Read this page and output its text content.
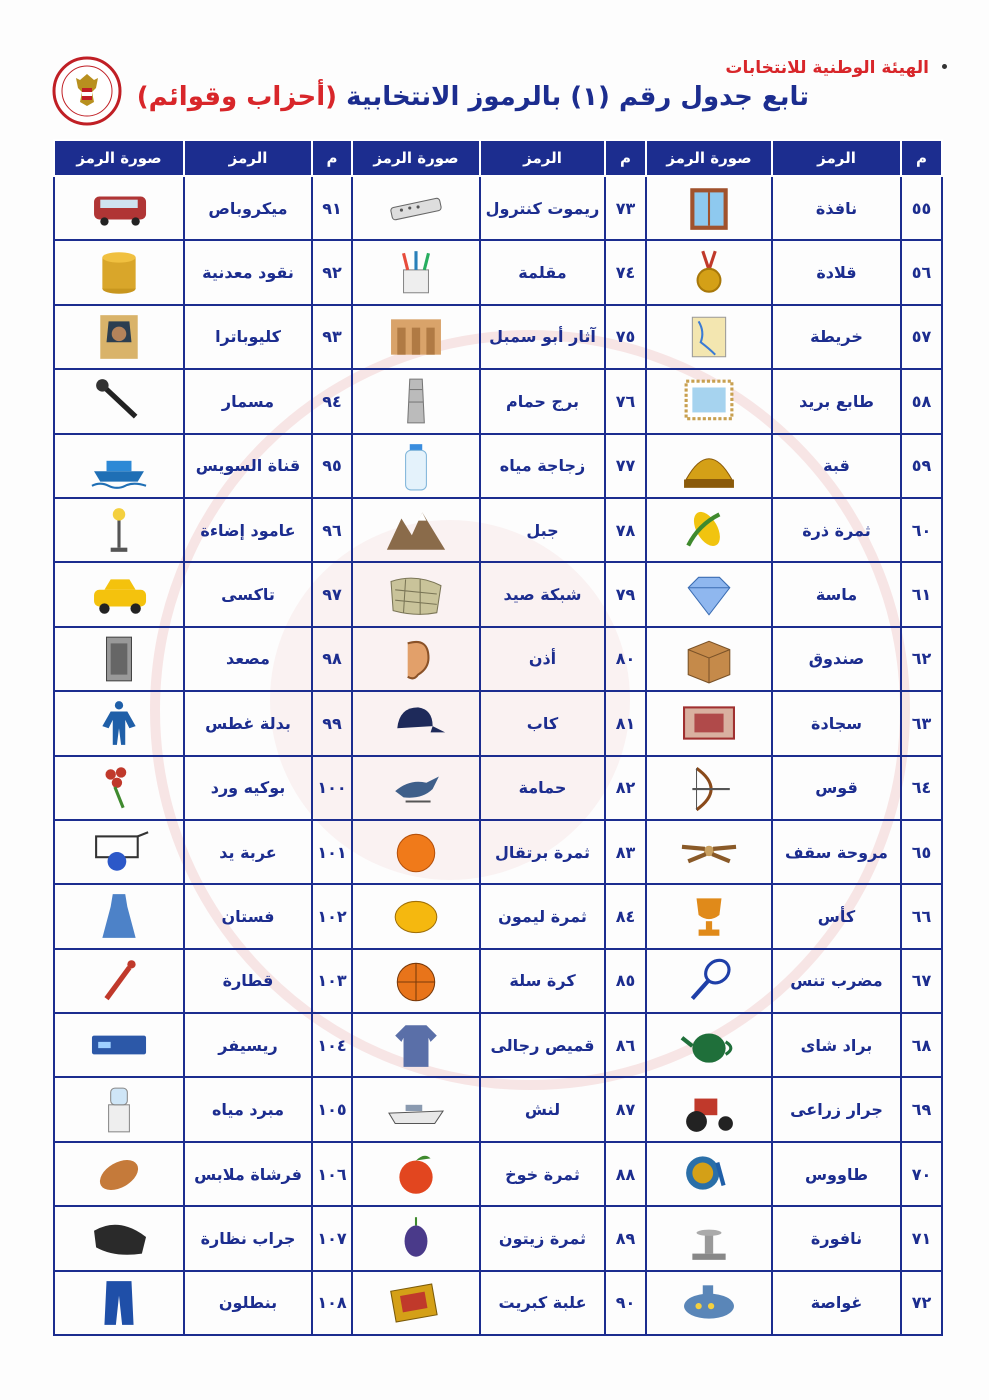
الهيئة الوطنية للانتخابات
تابع جدول رقم (١) بالرموز الانتخابية (أحزاب وقوائم)
م	الرمز	صورة الرمز	م	الرمز	صورة الرمز	م	الرمز	صورة الرمز
٥٥	نافذة		٧٣	ريموت كنترول		٩١	ميكروباص	

٥٦	قلادة		٧٤	مقلمة		٩٢	نقود معدنية	

٥٧	خريطة		٧٥	آثار أبو سمبل		٩٣	كليوباترا	

٥٨	طابع بريد		٧٦	برج حمام		٩٤	مسمار	

٥٩	قبة		٧٧	زجاجة مياه		٩٥	قناة السويس	

٦٠	ثمرة ذرة		٧٨	جبل		٩٦	عامود إضاءة	

٦١	ماسة		٧٩	شبكة صيد		٩٧	تاكسى	

٦٢	صندوق		٨٠	أذن		٩٨	مصعد	

٦٣	سجادة		٨١	كاب		٩٩	بدلة غطس	

٦٤	قوس		٨٢	حمامة		١٠٠	بوكيه ورد	

٦٥	مروحة سقف		٨٣	ثمرة برتقال		١٠١	عربة يد	

٦٦	كأس		٨٤	ثمرة ليمون		١٠٢	فستان	

٦٧	مضرب تنس		٨٥	كرة سلة		١٠٣	قطارة	

٦٨	براد شاى		٨٦	قميص رجالى		١٠٤	ريسيفر	

٦٩	جرار زراعى		٨٧	لنش		١٠٥	مبرد مياه	

٧٠	طاووس		٨٨	ثمرة خوخ		١٠٦	فرشاة ملابس	

٧١	نافورة		٨٩	ثمرة زيتون		١٠٧	جراب نظارة	

٧٢	غواصة		٩٠	علبة كبريت		١٠٨	بنطلون	
